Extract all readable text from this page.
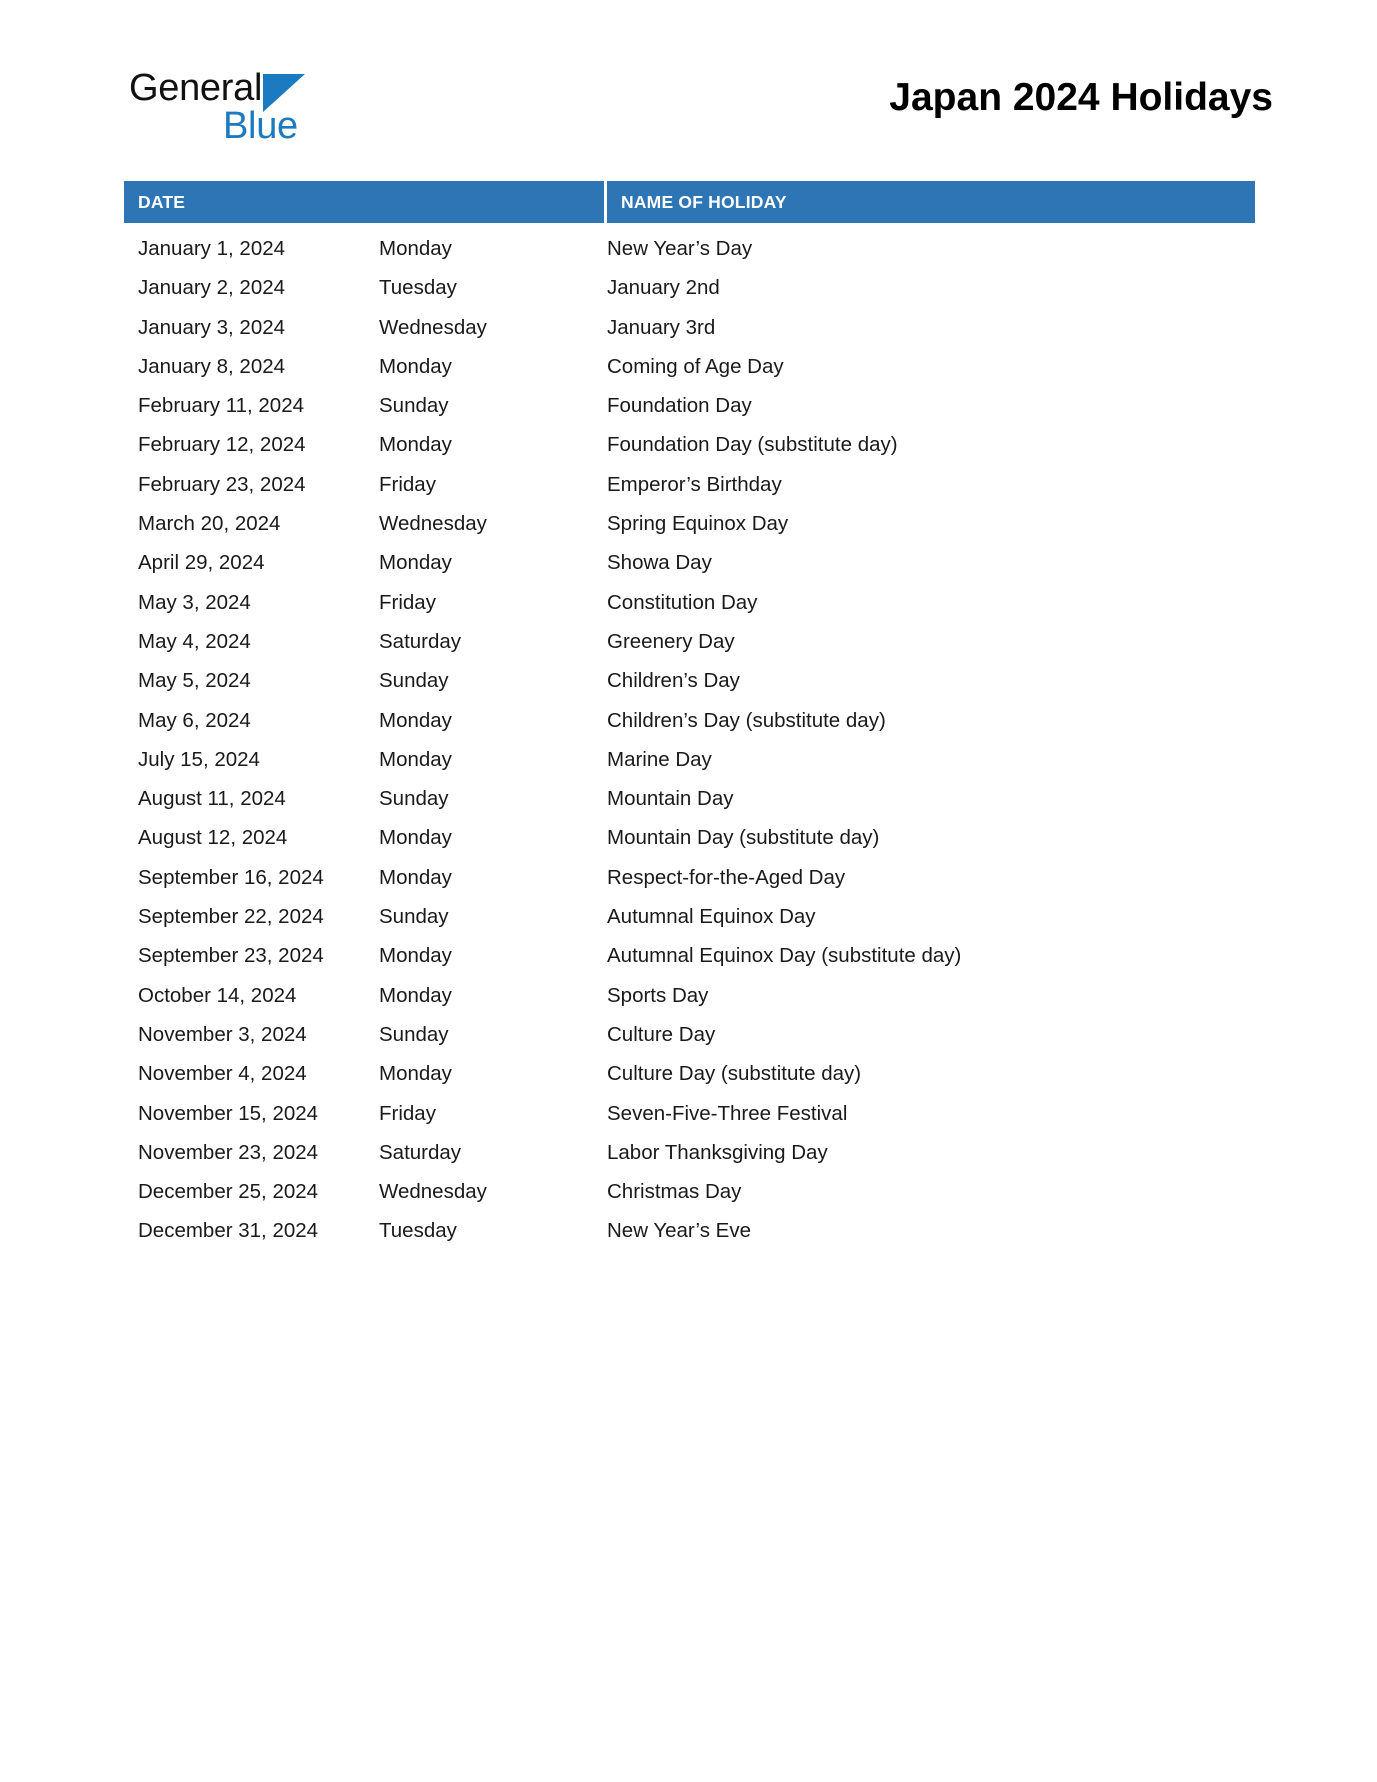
General
Blue
Japan 2024 Holidays
DATE	NAME OF HOLIDAY
January 1, 2024	Monday	New Year’s Day
January 2, 2024	Tuesday	January 2nd
January 3, 2024	Wednesday	January 3rd
January 8, 2024	Monday	Coming of Age Day
February 11, 2024	Sunday	Foundation Day
February 12, 2024	Monday	Foundation Day (substitute day)
February 23, 2024	Friday	Emperor’s Birthday
March 20, 2024	Wednesday	Spring Equinox Day
April 29, 2024	Monday	Showa Day
May 3, 2024	Friday	Constitution Day
May 4, 2024	Saturday	Greenery Day
May 5, 2024	Sunday	Children’s Day
May 6, 2024	Monday	Children’s Day (substitute day)
July 15, 2024	Monday	Marine Day
August 11, 2024	Sunday	Mountain Day
August 12, 2024	Monday	Mountain Day (substitute day)
September 16, 2024	Monday	Respect-for-the-Aged Day
September 22, 2024	Sunday	Autumnal Equinox Day
September 23, 2024	Monday	Autumnal Equinox Day (substitute day)
October 14, 2024	Monday	Sports Day
November 3, 2024	Sunday	Culture Day
November 4, 2024	Monday	Culture Day (substitute day)
November 15, 2024	Friday	Seven-Five-Three Festival
November 23, 2024	Saturday	Labor Thanksgiving Day
December 25, 2024	Wednesday	Christmas Day
December 31, 2024	Tuesday	New Year’s Eve
